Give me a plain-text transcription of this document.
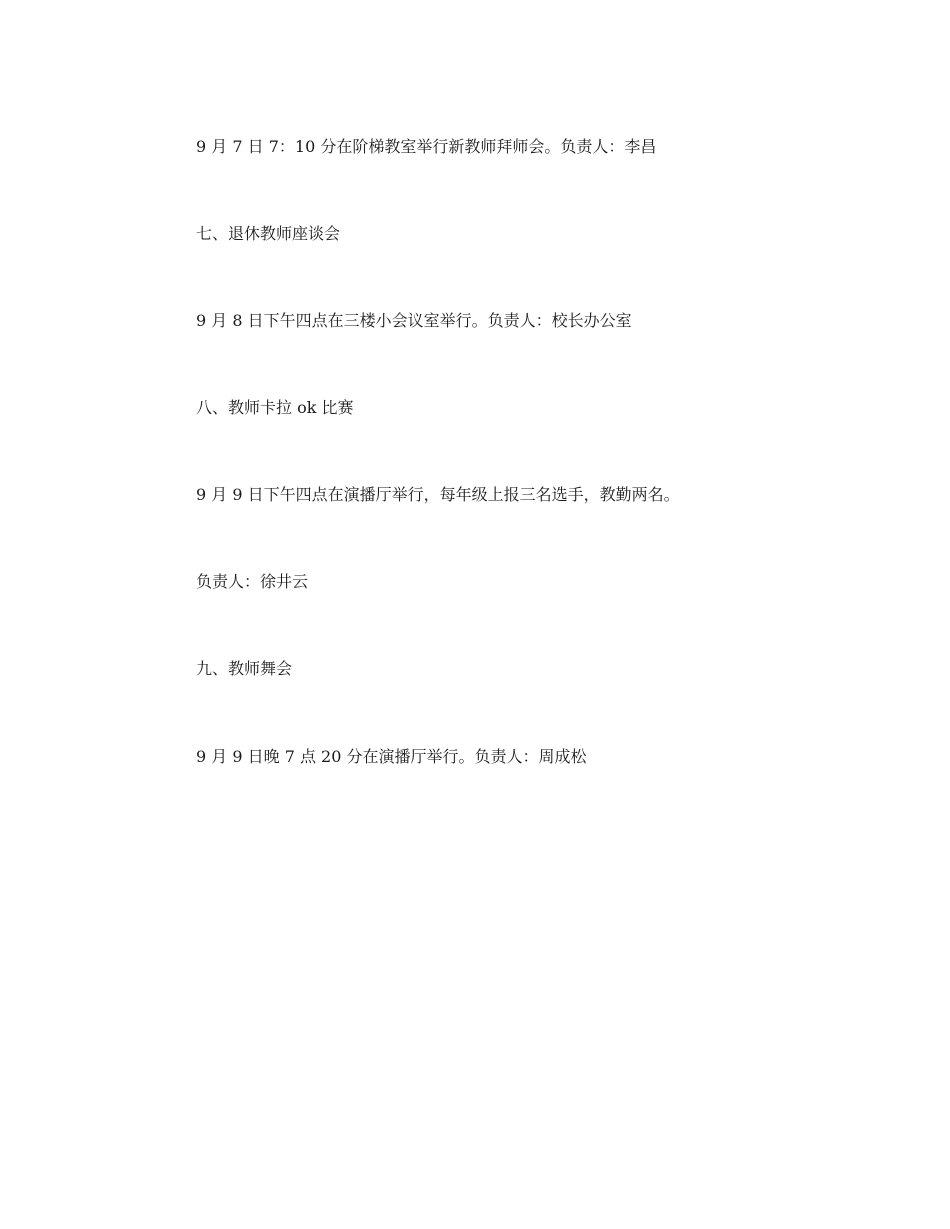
9 月 7 日 7：10 分在阶梯教室举行新教师拜师会。负责人：李昌

七、退休教师座谈会

9 月 8 日下午四点在三楼小会议室举行。负责人：校长办公室

八、教师卡拉 ok 比赛

9 月 9 日下午四点在演播厅举行，每年级上报三名选手，教勤两名。

负责人：徐井云

九、教师舞会

9 月 9 日晚 7 点 20 分在演播厅举行。负责人：周成松
